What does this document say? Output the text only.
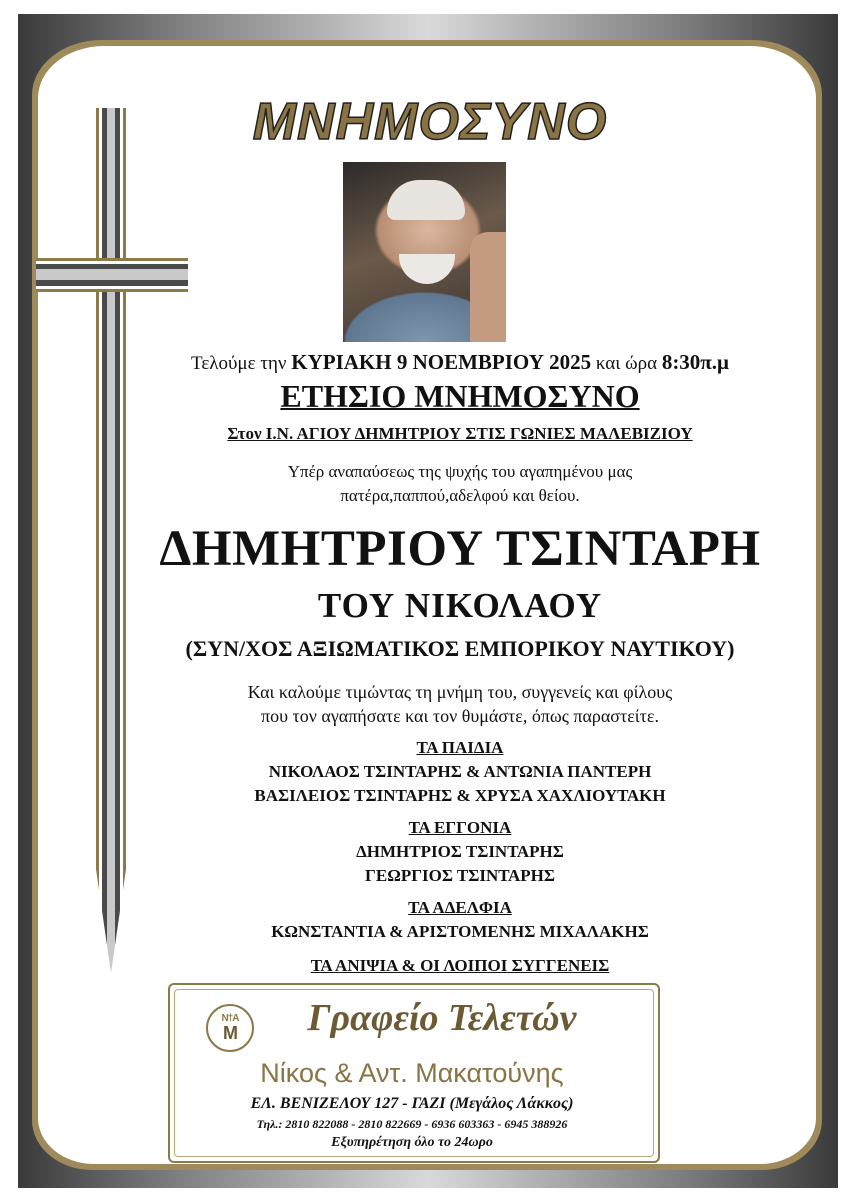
ΜΝΗΜΟΣΥΝΟ
Τελούμε την ΚΥΡΙΑΚΗ 9 ΝΟΕΜΒΡΙΟΥ 2025 και ώρα 8:30π.μ
ΕΤΗΣΙΟ ΜΝΗΜΟΣΥΝΟ
Στον Ι.Ν. ΑΓΙΟΥ ΔΗΜΗΤΡΙΟΥ ΣΤΙΣ ΓΩΝΙΕΣ ΜΑΛΕΒΙΖΙΟΥ
Υπέρ αναπαύσεως της ψυχής του αγαπημένου μας
πατέρα,παππού,αδελφού και θείου.
ΔΗΜΗΤΡΙΟΥ ΤΣΙΝΤΑΡΗ
ΤΟΥ ΝΙΚΟΛΑΟΥ
(ΣΥΝ/ΧΟΣ ΑΞΙΩΜΑΤΙΚΟΣ ΕΜΠΟΡΙΚΟΥ ΝΑΥΤΙΚΟΥ)
Και καλούμε τιμώντας τη μνήμη του, συγγενείς και φίλους
που τον αγαπήσατε και τον θυμάστε, όπως παραστείτε.
ΤΑ ΠΑΙΔΙΑ
ΝΙΚΟΛΑΟΣ ΤΣΙΝΤΑΡΗΣ & ΑΝΤΩΝΙΑ ΠΑΝΤΕΡΗ
ΒΑΣΙΛΕΙΟΣ ΤΣΙΝΤΑΡΗΣ & ΧΡΥΣΑ ΧΑΧΛΙΟΥΤΑΚΗ
ΤΑ ΕΓΓΟΝΙΑ
ΔΗΜΗΤΡΙΟΣ ΤΣΙΝΤΑΡΗΣ
ΓΕΩΡΓΙΟΣ ΤΣΙΝΤΑΡΗΣ
ΤΑ ΑΔΕΛΦΙΑ
ΚΩΝΣΤΑΝΤΙΑ & ΑΡΙΣΤΟΜΕΝΗΣ ΜΙΧΑΛΑΚΗΣ
ΤΑ ΑΝΙΨΙΑ & ΟΙ ΛΟΙΠΟΙ ΣΥΓΓΕΝΕΙΣ
Ν†Α
Μ	Γραφείο Τελετών
Νίκος & Αντ. Μακατούνης
ΕΛ. ΒΕΝΙΖΕΛΟΥ 127 - ΓΑΖΙ (Μεγάλος Λάκκος)
Τηλ.: 2810 822088 - 2810 822669 - 6936 603363 - 6945 388926
Εξυπηρέτηση όλο το 24ωρο
